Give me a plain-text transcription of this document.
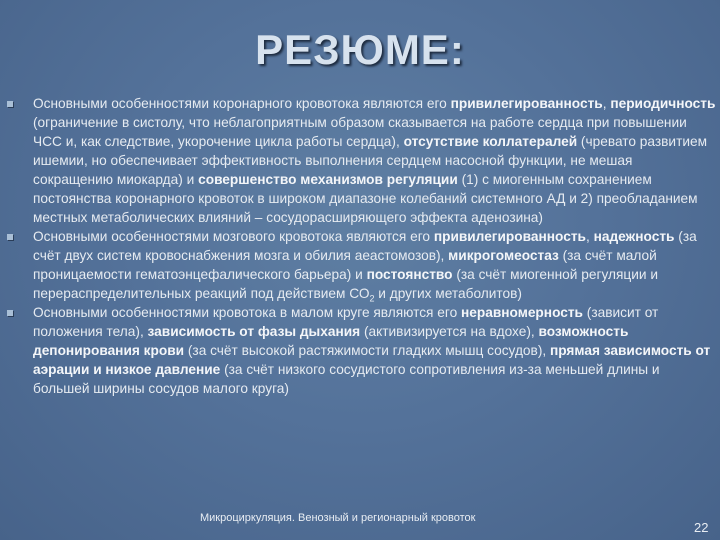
РЕЗЮМЕ:
Основными особенностями коронарного кровотока являются его привилегированность, периодичность (ограничение в систолу, что неблагоприятным образом сказывается на работе сердца при повышении ЧСС и, как следствие, укорочение цикла работы сердца), отсутствие коллатералей (чревато развитием ишемии, но обеспечивает эффективность выполнения сердцем насосной функции, не мешая сокращению миокарда) и совершенство механизмов регуляции (1) с миогенным сохранением постоянства коронарного кровоток в широком диапазоне колебаний системного АД и 2) преобладанием местных метаболических влияний – сосудорасширяющего эффекта аденозина)
Основными особенностями мозгового кровотока являются его привилегированность, надежность (за счёт двух систем кровоснабжения мозга и обилия аеастомозов), микрогомеостаз (за счёт малой проницаемости гематоэнцефалического барьера) и постоянство (за счёт миогенной регуляции и перераспределительных реакций под действием $СО_2$ и других метаболитов)
Основными особенностями кровотока в малом круге являются его неравномерность (зависит от положения тела), зависимость от фазы дыхания (активизируется на вдохе), возможность депонирования крови (за счёт высокой растяжимости гладких мышц сосудов), прямая зависимость от аэрации и низкое давление (за счёт низкого сосудистого сопротивления из-за меньшей длины и большей ширины сосудов малого круга)
Микроциркуляция. Венозный и регионарный кровоток
22
